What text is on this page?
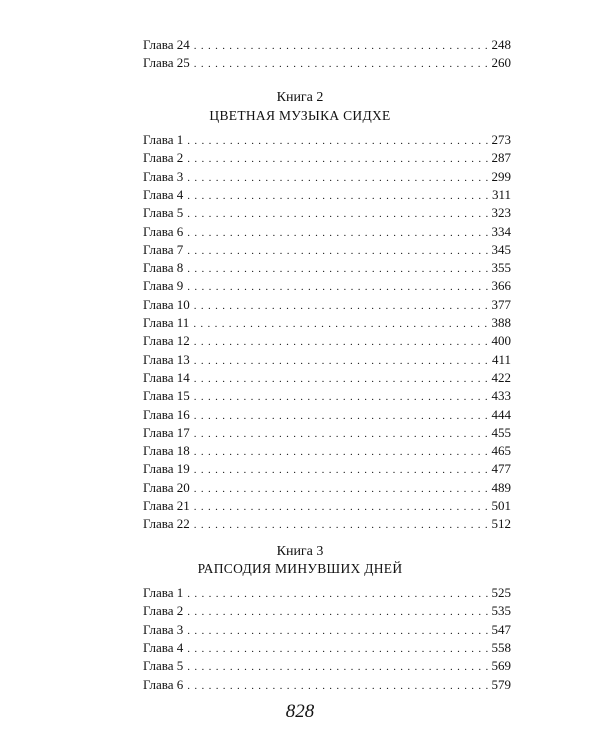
Глава 24 . . .	248
Глава 25 . . .	260
Книга 2
ЦВЕТНАЯ МУЗЫКА СИДХЕ
Глава 1 . . .	273
Глава 2 . . .	287
Глава 3 . . .	299
Глава 4 . . .	311
Глава 5 . . .	323
Глава 6 . . .	334
Глава 7 . . .	345
Глава 8 . . .	355
Глава 9 . . .	366
Глава 10 . . .	377
Глава 11 . . .	388
Глава 12 . . .	400
Глава 13 . . .	411
Глава 14 . . .	422
Глава 15 . . .	433
Глава 16 . . .	444
Глава 17 . . .	455
Глава 18 . . .	465
Глава 19 . . .	477
Глава 20 . . .	489
Глава 21 . . .	501
Глава 22 . . .	512
Книга 3
РАПСОДИЯ МИНУВШИХ ДНЕЙ
Глава 1 . . .	525
Глава 2 . . .	535
Глава 3 . . .	547
Глава 4 . . .	558
Глава 5 . . .	569
Глава 6 . . .	579
828
